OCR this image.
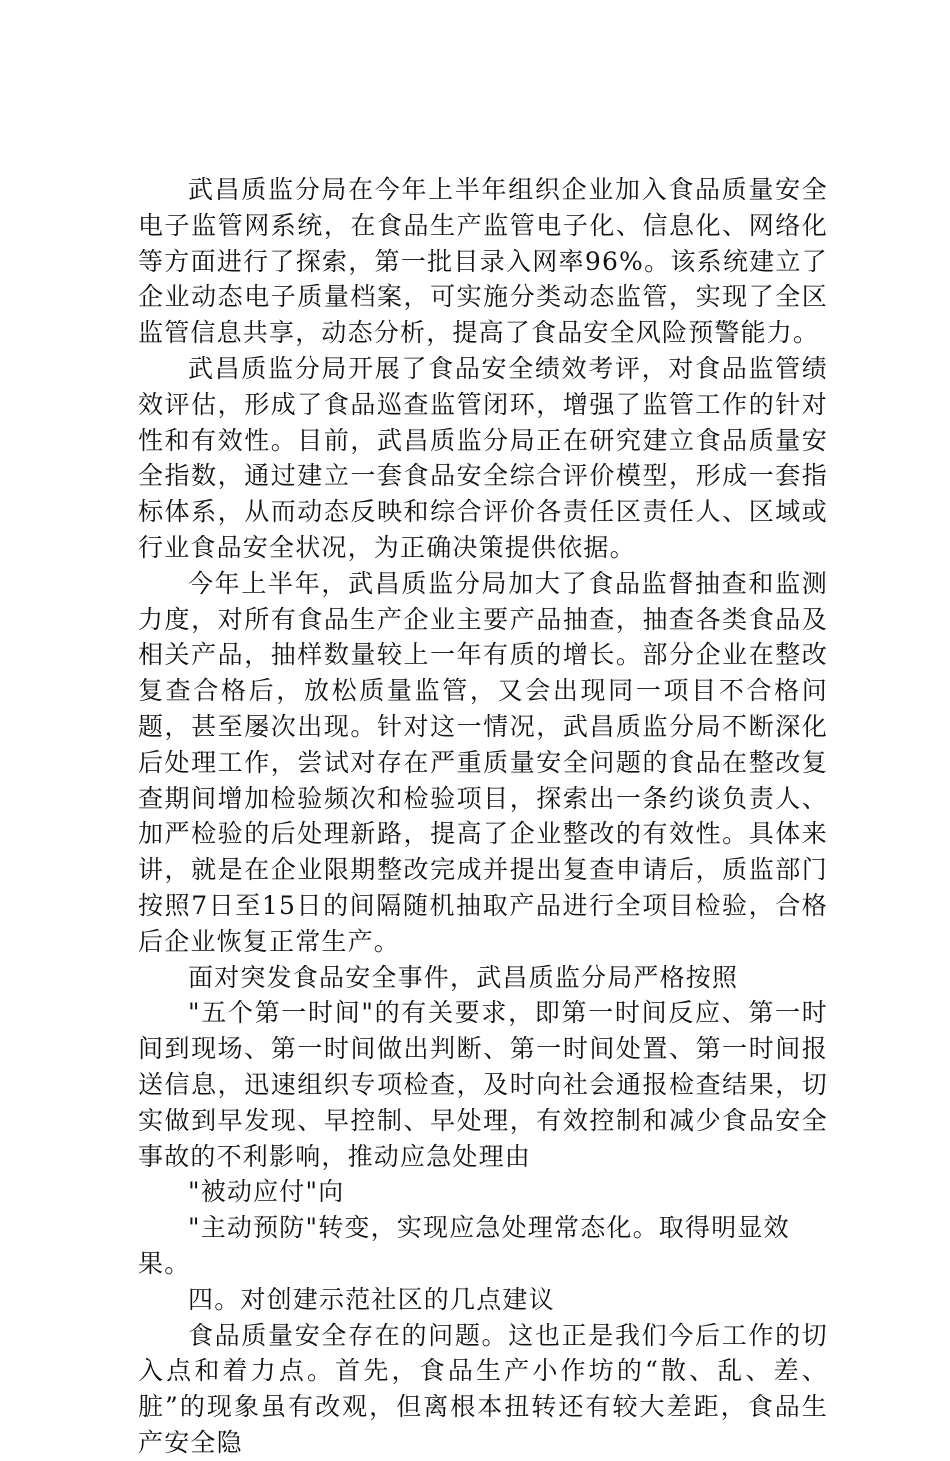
武昌质监分局在今年上半年组织企业加入食品质量安全电子监管网系统，在食品生产监管电子化、信息化、网络化等方面进行了探索，第一批目录入网率96%。该系统建立了企业动态电子质量档案，可实施分类动态监管，实现了全区监管信息共享，动态分析，提高了食品安全风险预警能力。

武昌质监分局开展了食品安全绩效考评，对食品监管绩效评估，形成了食品巡查监管闭环，增强了监管工作的针对性和有效性。目前，武昌质监分局正在研究建立食品质量安全指数，通过建立一套食品安全综合评价模型，形成一套指标体系，从而动态反映和综合评价各责任区责任人、区域或行业食品安全状况，为正确决策提供依据。

今年上半年，武昌质监分局加大了食品监督抽查和监测力度，对所有食品生产企业主要产品抽查，抽查各类食品及相关产品，抽样数量较上一年有质的增长。部分企业在整改复查合格后，放松质量监管，又会出现同一项目不合格问题，甚至屡次出现。针对这一情况，武昌质监分局不断深化后处理工作，尝试对存在严重质量安全问题的食品在整改复查期间增加检验频次和检验项目，探索出一条约谈负责人、加严检验的后处理新路，提高了企业整改的有效性。具体来讲，就是在企业限期整改完成并提出复查申请后，质监部门按照7日至15日的间隔随机抽取产品进行全项目检验，合格后企业恢复正常生产。

面对突发食品安全事件，武昌质监分局严格按照

"五个第一时间"的有关要求，即第一时间反应、第一时间到现场、第一时间做出判断、第一时间处置、第一时间报送信息，迅速组织专项检查，及时向社会通报检查结果，切实做到早发现、早控制、早处理，有效控制和减少食品安全事故的不利影响，推动应急处理由

"被动应付"向

"主动预防"转变，实现应急处理常态化。取得明显效果。

四。对创建示范社区的几点建议

食品质量安全存在的问题。这也正是我们今后工作的切入点和着力点。首先，食品生产小作坊的“散、乱、差、脏”的现象虽有改观，但离根本扭转还有较大差距，食品生产安全隐
